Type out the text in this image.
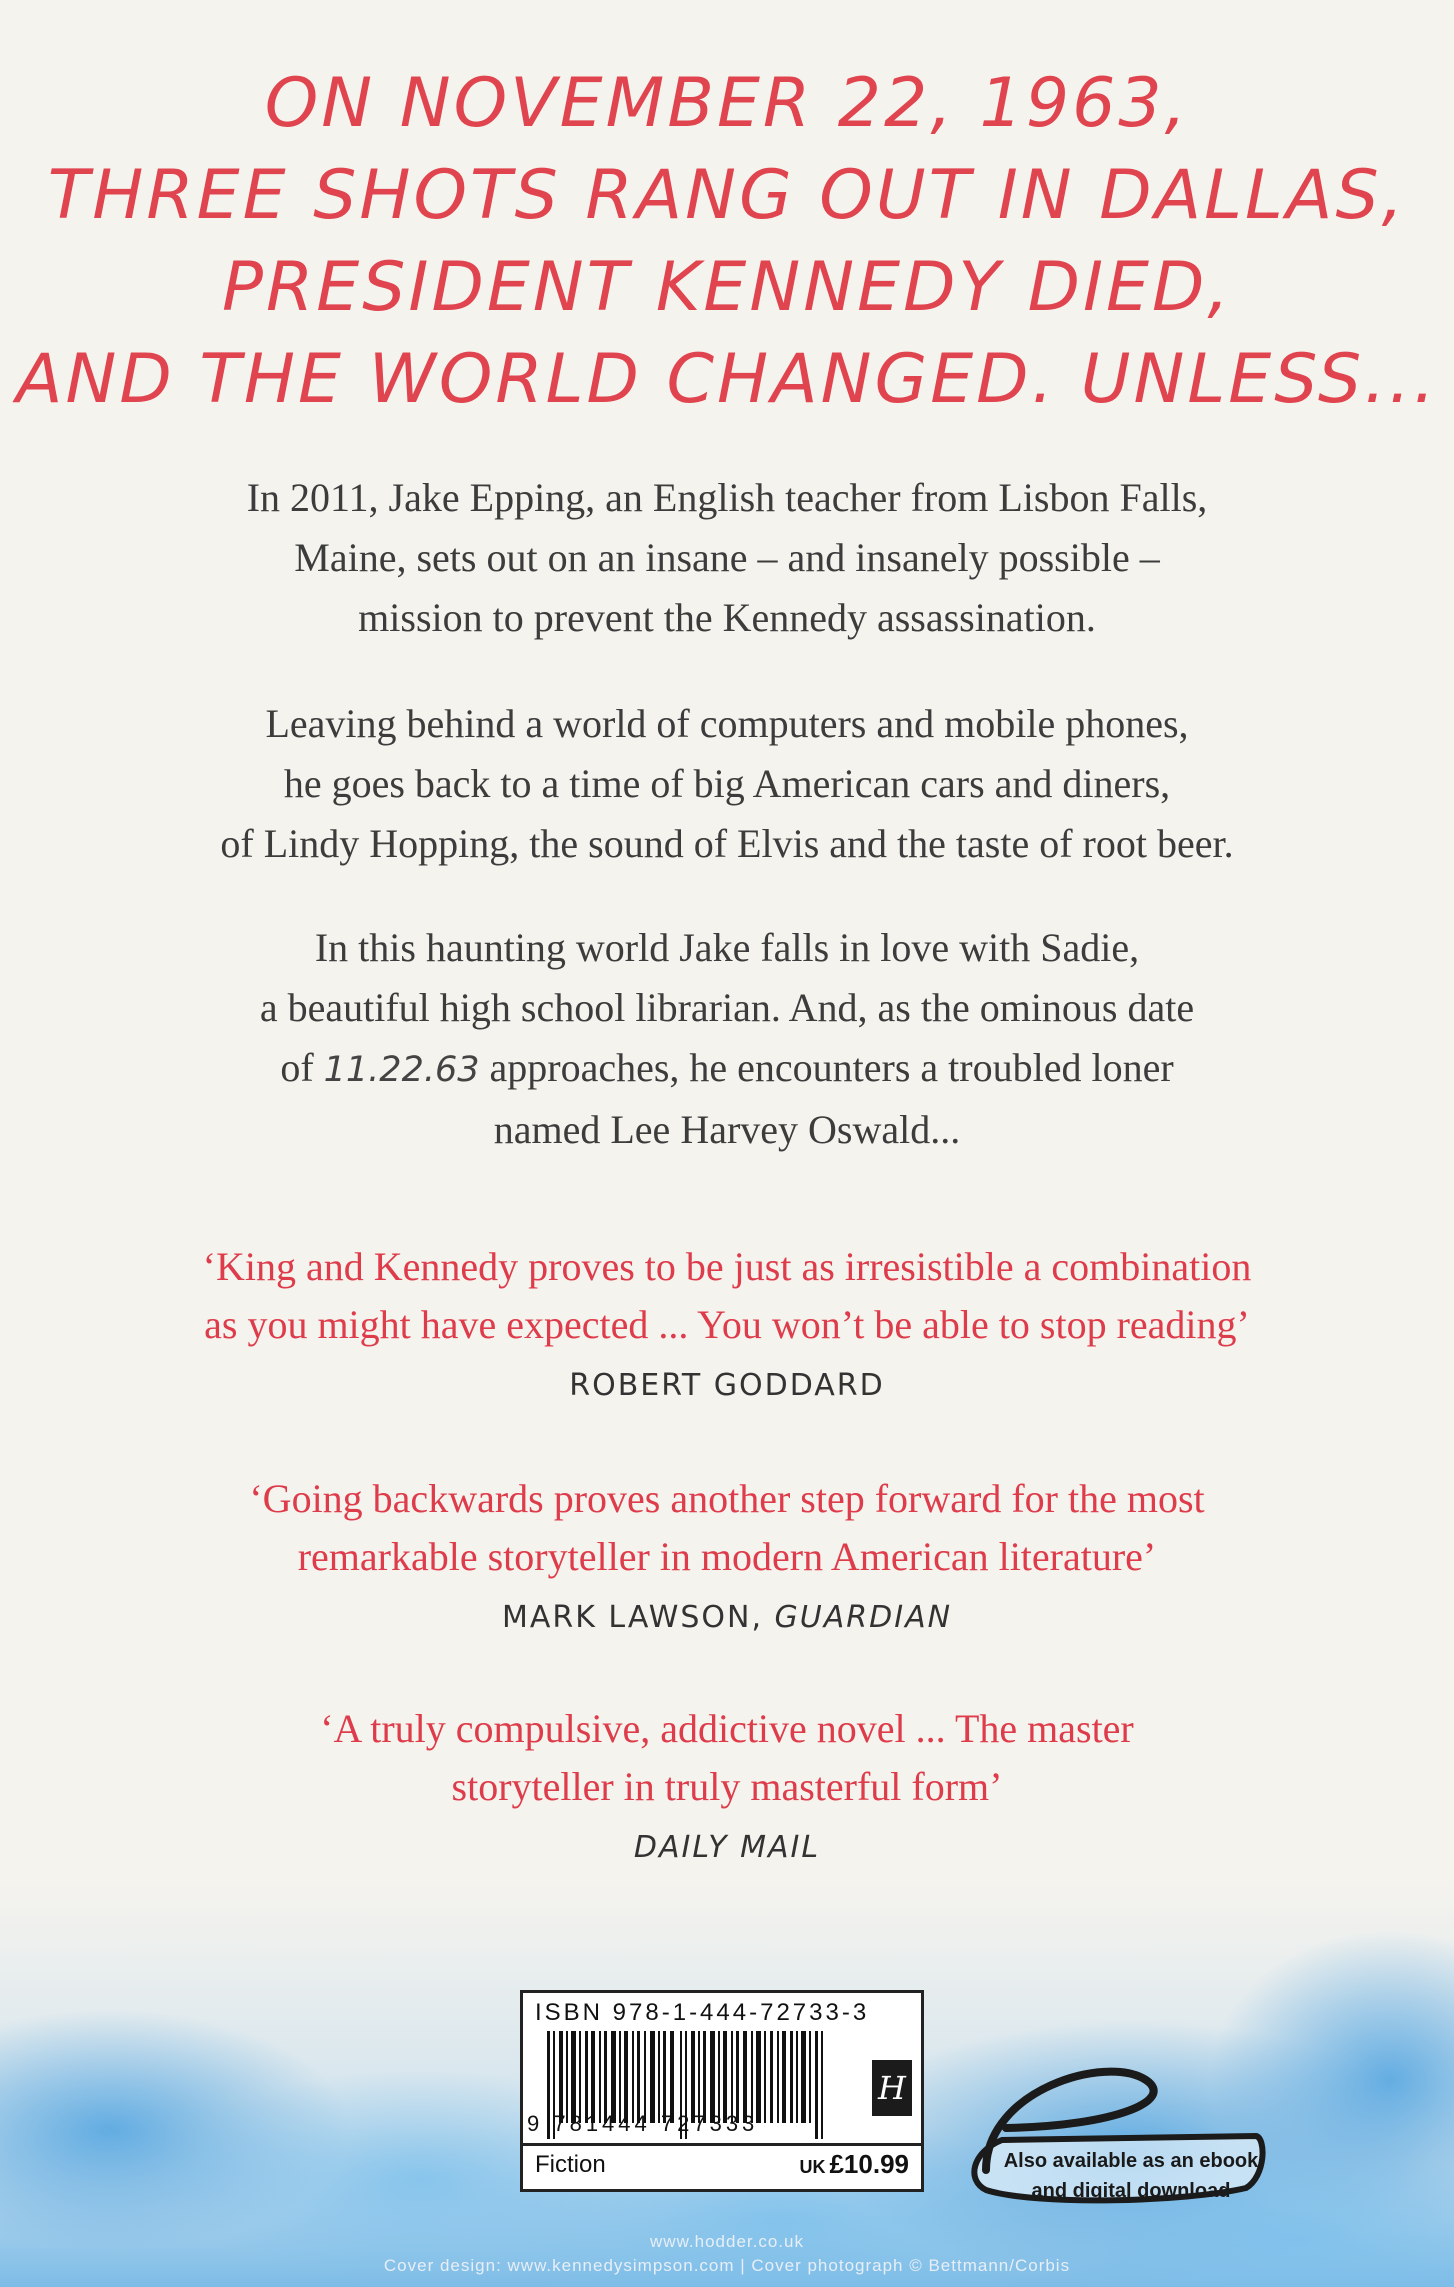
ON NOVEMBER 22, 1963,
THREE SHOTS RANG OUT IN DALLAS,
PRESIDENT KENNEDY DIED,
AND THE WORLD CHANGED. UNLESS...
In 2011, Jake Epping, an English teacher from Lisbon Falls,
Maine, sets out on an insane – and insanely possible –
mission to prevent the Kennedy assassination.
Leaving behind a world of computers and mobile phones,
he goes back to a time of big American cars and diners,
of Lindy Hopping, the sound of Elvis and the taste of root beer.
In this haunting world Jake falls in love with Sadie,
a beautiful high school librarian. And, as the ominous date
of 11.22.63 approaches, he encounters a troubled loner
named Lee Harvey Oswald...
‘King and Kennedy proves to be just as irresistible a combination
as you might have expected ... You won’t be able to stop reading’
ROBERT GODDARD
‘Going backwards proves another step forward for the most
remarkable storyteller in modern American literature’
MARK LAWSON, GUARDIAN
‘A truly compulsive, addictive novel ... The master
storyteller in truly masterful form’
DAILY MAIL
ISBN 978-1-444-72733-3
9 781444 727333
Fiction	UK £10.99
H
Also available as an ebook
and digital download
www.hodder.co.uk
Cover design: www.kennedysimpson.com | Cover photograph © Bettmann/Corbis
